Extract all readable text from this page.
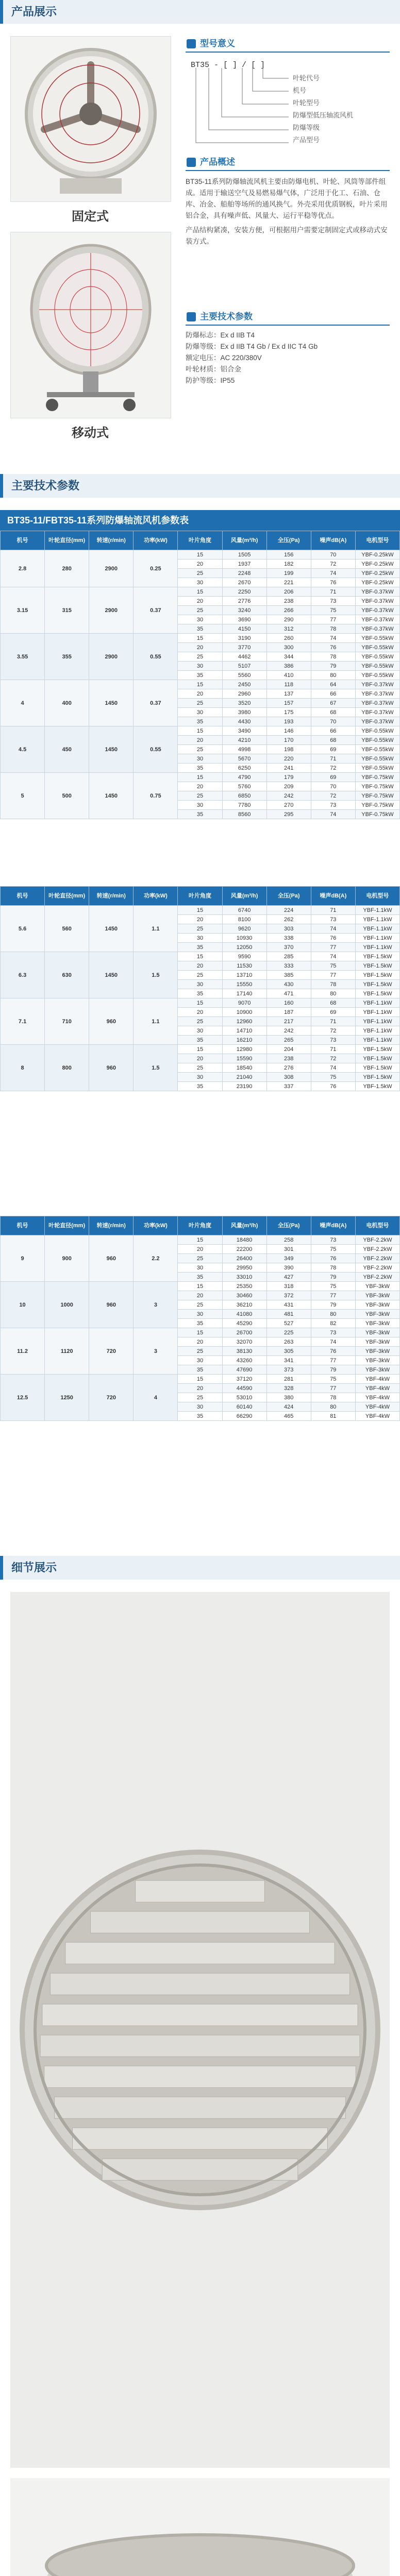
产品展示
固定式
移动式
型号意义
BT35 - [ ] / [ ]
叶轮代号
机号
叶轮型号
防爆型低压轴流风机
防爆等级
产品型号
产品概述

BT35-11系列防爆轴流风机主要由防爆电机、叶轮、风筒等部件组成。适用于输送空气及易燃易爆气体，广泛用于化工、石油、仓库、冶金、船舶等场所的通风换气。外壳采用优质钢板，叶片采用铝合金，具有噪声低、风量大、运行平稳等优点。

产品结构紧凑，安装方便，可根据用户需要定制固定式或移动式安装方式。

主要技术参数
防爆标志：Ex d IIB T4
防爆等级：Ex d IIB T4 Gb / Ex d IIC T4 Gb
额定电压：AC 220/380V
叶轮材质：铝合金
防护等级：IP55
主要技术参数
BT35-11/FBT35-11系列防爆轴流风机参数表
机号	叶轮直径(mm)	转速(r/min)	功率(kW)	叶片角度	风量(m³/h)	全压(Pa)	噪声dB(A)	电机型号
2.8	280	2900	0.25	15	1505	156	70	YBF-0.25kW
				20	1937	182	72	YBF-0.25kW
				25	2248	199	74	YBF-0.25kW
				30	2670	221	76	YBF-0.25kW
3.15	315	2900	0.37	15	2250	206	71	YBF-0.37kW
				20	2776	238	73	YBF-0.37kW
				25	3240	266	75	YBF-0.37kW
				30	3690	290	77	YBF-0.37kW
				35	4150	312	78	YBF-0.37kW
3.55	355	2900	0.55	15	3190	260	74	YBF-0.55kW
				20	3770	300	76	YBF-0.55kW
				25	4462	344	78	YBF-0.55kW
				30	5107	386	79	YBF-0.55kW
				35	5560	410	80	YBF-0.55kW
4	400	1450	0.37	15	2450	118	64	YBF-0.37kW
				20	2960	137	66	YBF-0.37kW
				25	3520	157	67	YBF-0.37kW
				30	3980	175	68	YBF-0.37kW
				35	4430	193	70	YBF-0.37kW
4.5	450	1450	0.55	15	3490	146	66	YBF-0.55kW
				20	4210	170	68	YBF-0.55kW
				25	4998	198	69	YBF-0.55kW
				30	5670	220	71	YBF-0.55kW
				35	6250	241	72	YBF-0.55kW
5	500	1450	0.75	15	4790	179	69	YBF-0.75kW
				20	5760	209	70	YBF-0.75kW
				25	6850	242	72	YBF-0.75kW
				30	7780	270	73	YBF-0.75kW
				35	8560	295	74	YBF-0.75kW
机号	叶轮直径(mm)	转速(r/min)	功率(kW)	叶片角度	风量(m³/h)	全压(Pa)	噪声dB(A)	电机型号
5.6	560	1450	1.1	15	6740	224	71	YBF-1.1kW
				20	8100	262	73	YBF-1.1kW
				25	9620	303	74	YBF-1.1kW
				30	10930	338	76	YBF-1.1kW
				35	12050	370	77	YBF-1.1kW
6.3	630	1450	1.5	15	9590	285	74	YBF-1.5kW
				20	11530	333	75	YBF-1.5kW
				25	13710	385	77	YBF-1.5kW
				30	15550	430	78	YBF-1.5kW
				35	17140	471	80	YBF-1.5kW
7.1	710	960	1.1	15	9070	160	68	YBF-1.1kW
				20	10900	187	69	YBF-1.1kW
				25	12960	217	71	YBF-1.1kW
				30	14710	242	72	YBF-1.1kW
				35	16210	265	73	YBF-1.1kW
8	800	960	1.5	15	12980	204	71	YBF-1.5kW
				20	15590	238	72	YBF-1.5kW
				25	18540	276	74	YBF-1.5kW
				30	21040	308	75	YBF-1.5kW
				35	23190	337	76	YBF-1.5kW
机号	叶轮直径(mm)	转速(r/min)	功率(kW)	叶片角度	风量(m³/h)	全压(Pa)	噪声dB(A)	电机型号
9	900	960	2.2	15	18480	258	73	YBF-2.2kW
				20	22200	301	75	YBF-2.2kW
				25	26400	349	76	YBF-2.2kW
				30	29950	390	78	YBF-2.2kW
				35	33010	427	79	YBF-2.2kW
10	1000	960	3	15	25350	318	75	YBF-3kW
				20	30460	372	77	YBF-3kW
				25	36210	431	79	YBF-3kW
				30	41080	481	80	YBF-3kW
				35	45290	527	82	YBF-3kW
11.2	1120	720	3	15	26700	225	73	YBF-3kW
				20	32070	263	74	YBF-3kW
				25	38130	305	76	YBF-3kW
				30	43260	341	77	YBF-3kW
				35	47690	373	79	YBF-3kW
12.5	1250	720	4	15	37120	281	75	YBF-4kW
				20	44590	328	77	YBF-4kW
				25	53010	380	78	YBF-4kW
				30	60140	424	80	YBF-4kW
				35	66290	465	81	YBF-4kW
细节展示
